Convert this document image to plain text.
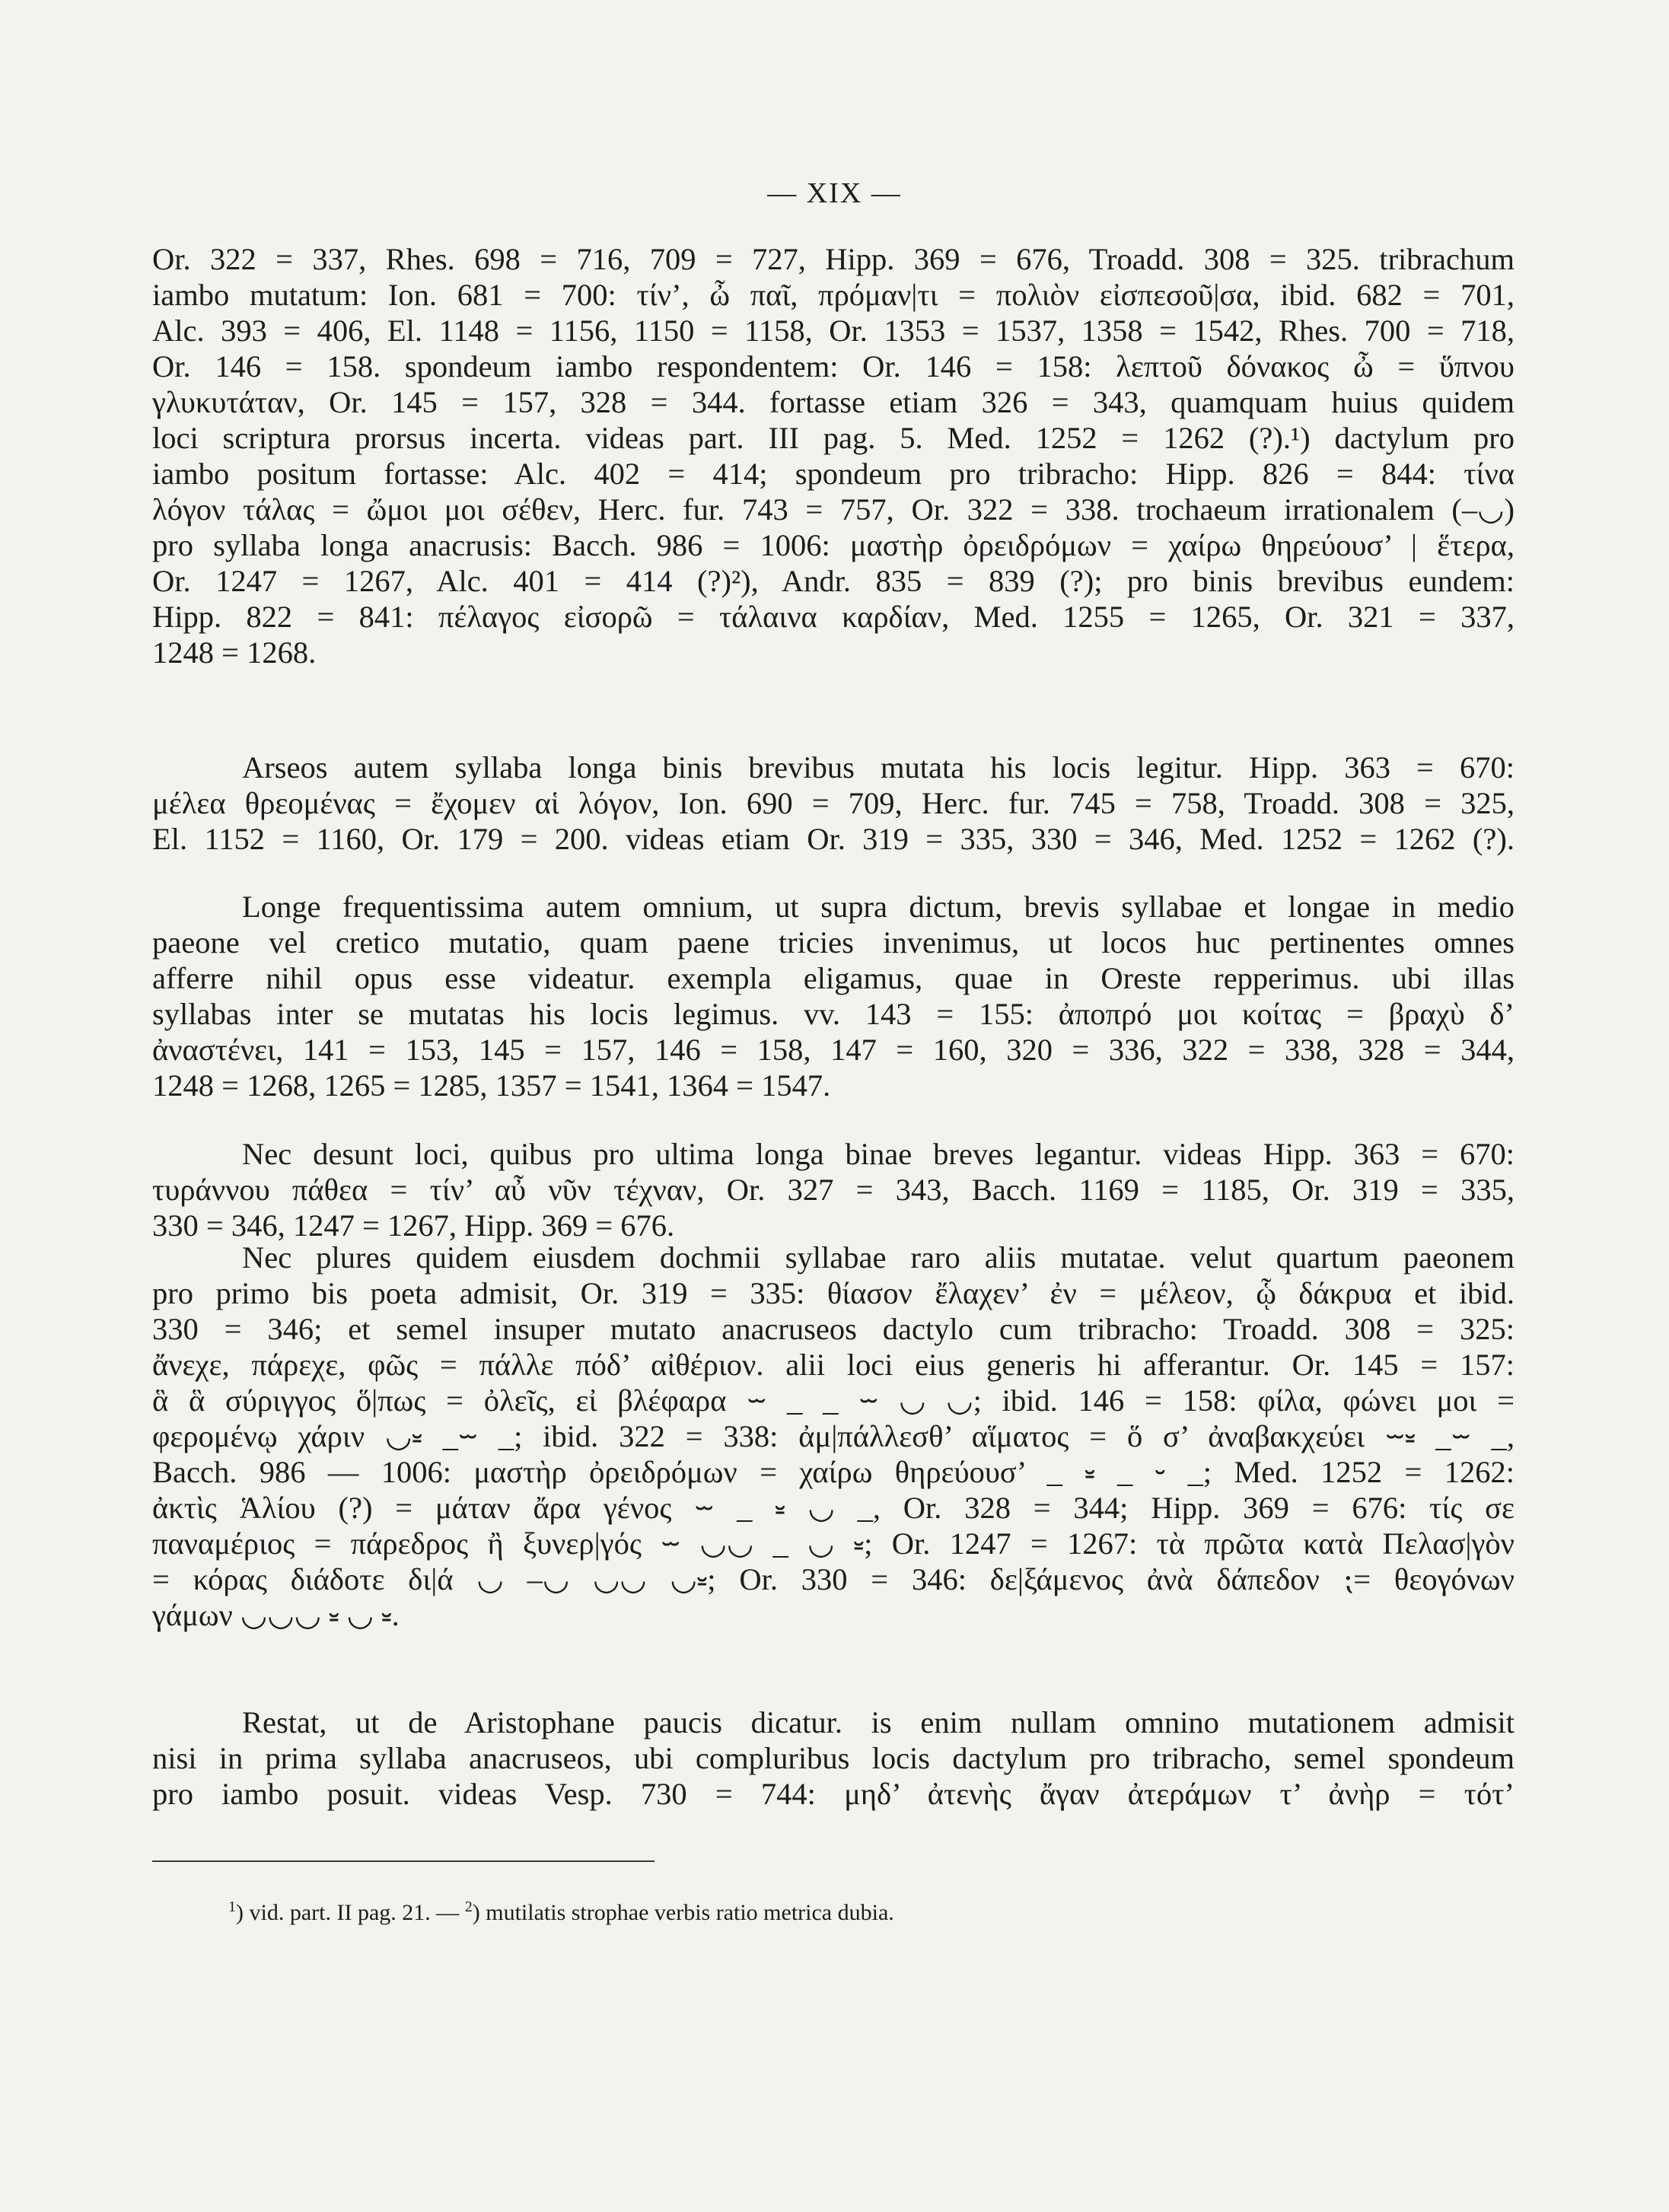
— XIX —
Or. 322 = 337, Rhes. 698 = 716, 709 = 727, Hipp. 369 = 676, Troadd. 308 = 325. tribrachum
iambo mutatum: Ion. 681 = 700: τίν’, ὦ παῖ, πρόμαν|τι = πολιὸν εἰσπεσοῦ|σα, ibid. 682 = 701,
Alc. 393 = 406, El. 1148 = 1156, 1150 = 1158, Or. 1353 = 1537, 1358 = 1542, Rhes. 700 = 718,
Or. 146 = 158. spondeum iambo respondentem: Or. 146 = 158: λεπτοῦ δόνακος ὦ = ὕπνου
γλυκυτάταν, Or. 145 = 157, 328 = 344. fortasse etiam 326 = 343, quamquam huius quidem
loci scriptura prorsus incerta. videas part. III pag. 5. Med. 1252 = 1262 (?).¹) dactylum pro
iambo positum fortasse: Alc. 402 = 414; spondeum pro tribracho: Hipp. 826 = 844: τίνα
λόγον τάλας = ὤμοι μοι σέθεν, Herc. fur. 743 = 757, Or. 322 = 338. trochaeum irrationalem (–◡)
pro syllaba longa anacrusis: Bacch. 986 = 1006: μαστὴρ ὀρειδρόμων = χαίρω θηρεύουσ’ | ἕτερα,
Or. 1247 = 1267, Alc. 401 = 414 (?)²), Andr. 835 = 839 (?); pro binis brevibus eundem:
Hipp. 822 = 841: πέλαγος εἰσορῶ = τάλαινα καρδίαν, Med. 1255 = 1265, Or. 321 = 337,
1248 = 1268.
Arseos autem syllaba longa binis brevibus mutata his locis legitur. Hipp. 363 = 670:
μέλεα θρεομένας = ἔχομεν αἱ λόγον, Ion. 690 = 709, Herc. fur. 745 = 758, Troadd. 308 = 325,
El. 1152 = 1160, Or. 179 = 200. videas etiam Or. 319 = 335, 330 = 346, Med. 1252 = 1262 (?).
Longe frequentissima autem omnium, ut supra dictum, brevis syllabae et longae in medio
paeone vel cretico mutatio, quam paene tricies invenimus, ut locos huc pertinentes omnes
afferre nihil opus esse videatur. exempla eligamus, quae in Oreste repperimus. ubi illas
syllabas inter se mutatas his locis legimus. vv. 143 = 155: ἀποπρό μοι κοίτας = βραχὺ δ’
ἀναστένει, 141 = 153, 145 = 157, 146 = 158, 147 = 160, 320 = 336, 322 = 338, 328 = 344,
1248 = 1268, 1265 = 1285, 1357 = 1541, 1364 = 1547.
Nec desunt loci, quibus pro ultima longa binae breves legantur. videas Hipp. 363 = 670:
τυράννου πάθεα = τίν’ αὖ νῦν τέχναν, Or. 327 = 343, Bacch. 1169 = 1185, Or. 319 = 335,
330 = 346, 1247 = 1267, Hipp. 369 = 676.
Nec plures quidem eiusdem dochmii syllabae raro aliis mutatae. velut quartum paeonem
pro primo bis poeta admisit, Or. 319 = 335: θίασον ἔλαχεν’ ἐν = μέλεον, ᾧ δάκρυα et ibid.
330 = 346; et semel insuper mutato anacruseos dactylo cum tribracho: Troadd. 308 = 325:
ἄνεχε, πάρεχε, φῶς = πάλλε πόδ’ αἰθέριον. alii loci eius generis hi afferantur. Or. 145 = 157:
ἃ ἃ σύριγγος ὅ|πως = ὀλεῖς, εἰ βλέφαρα ⏖ _ _ ⏖ ◡ ◡; ibid. 146 = 158: φίλα, φώνει μοι =
φερομένῳ χάριν ◡⏓ _⏖ _; ibid. 322 = 338: ἀμ|πάλλεσθ’ αἵματος = ὅ σ’ ἀναβακχεύει ⏖⏓ _⏖ _,
Bacch. 986 — 1006: μαστὴρ ὀρειδρόμων = χαίρω θηρεύουσ’ _ ⏓ _ ⏑ _; Med. 1252 = 1262:
ἀκτὶς Ἁλίου (?) = μάταν ἄρα γένος ⏖ _ ⏓ ◡ _, Or. 328 = 344; Hipp. 369 = 676: τίς σε
παναμέριος = πάρεδρος ἢ ξυνερ|γός ⏖ ◡◡ _ ◡ ⏓; Or. 1247 = 1267: τὰ πρῶτα κατὰ Πελασ|γὸν
= κόρας διάδοτε δι|ά ◡ –◡ ◡◡ ◡⏓; Or. 330 = 346: δε|ξάμενος ἀνὰ δάπεδον ⁏= θεογόνων
γάμων ◡◡◡ ⏓ ◡ ⏓.
Restat, ut de Aristophane paucis dicatur. is enim nullam omnino mutationem admisit
nisi in prima syllaba anacruseos, ubi compluribus locis dactylum pro tribracho, semel spondeum
pro iambo posuit. videas Vesp. 730 = 744: μηδ’ ἀτενὴς ἄγαν ἀτεράμων τ’ ἀνὴρ = τότ’
$^1$) vid. part. II pag. 21. — $^2$) mutilatis strophae verbis ratio metrica dubia.
